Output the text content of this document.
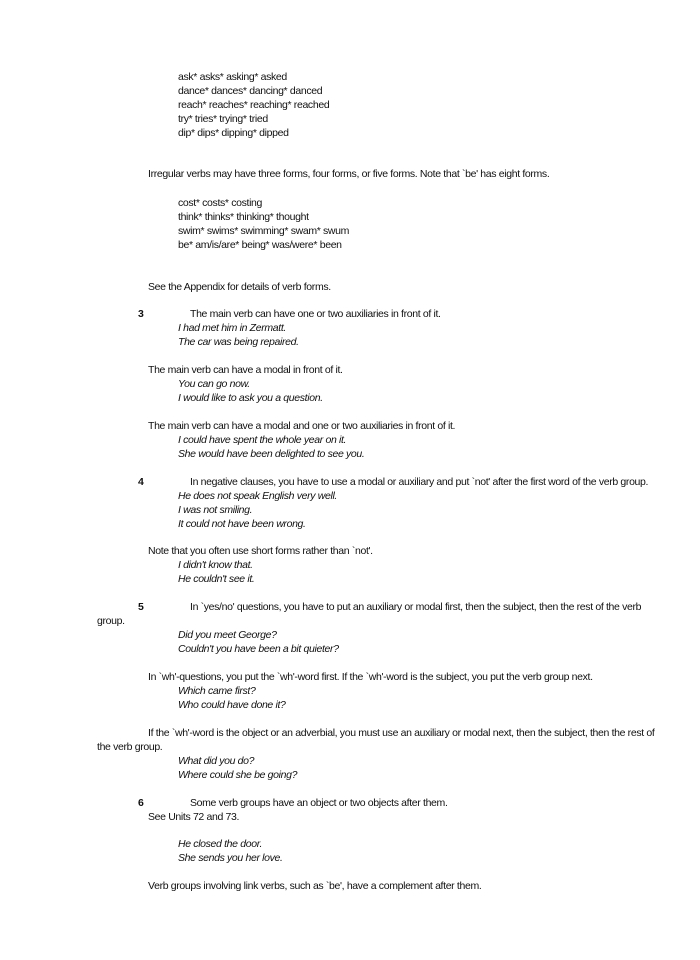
ask* asks* asking* asked
dance* dances* dancing* danced
reach* reaches* reaching* reached
try* tries* trying* tried
dip* dips* dipping* dipped
Irregular verbs may have three forms, four forms, or five forms. Note that `be' has eight forms.
cost* costs* costing
think* thinks* thinking* thought
swim* swims* swimming* swam* swum
be* am/is/are* being* was/were* been
See the Appendix for details of verb forms.
3	The main verb can have one or two auxiliaries in front of it.
I had met him in Zermatt.
The car was being repaired.
The main verb can have a modal in front of it.
You can go now.
I would like to ask you a question.
The main verb can have a modal and one or two auxiliaries in front of it.
I could have spent the whole year on it.
She would have been delighted to see you.
4	In negative clauses, you have to use a modal or auxiliary and put `not' after the first word of the verb group.
He does not speak English very well.
I was not smiling.
It could not have been wrong.
Note that you often use short forms rather than `not'.
I didn't know that.
He couldn't see it.
5	In `yes/no' questions, you have to put an auxiliary or modal first, then the subject, then the rest of the verb
group.
Did you meet George?
Couldn't you have been a bit quieter?
In `wh'-questions, you put the `wh'-word first. If the `wh'-word is the subject, you put the verb group next.
Which came first?
Who could have done it?
If the `wh'-word is the object or an adverbial, you must use an auxiliary or modal next, then the subject, then the rest of
the verb group.
What did you do?
Where could she be going?
6	Some verb groups have an object or two objects after them.
See Units 72 and 73.
He closed the door.
She sends you her love.
Verb groups involving link verbs, such as `be', have a complement after them.
